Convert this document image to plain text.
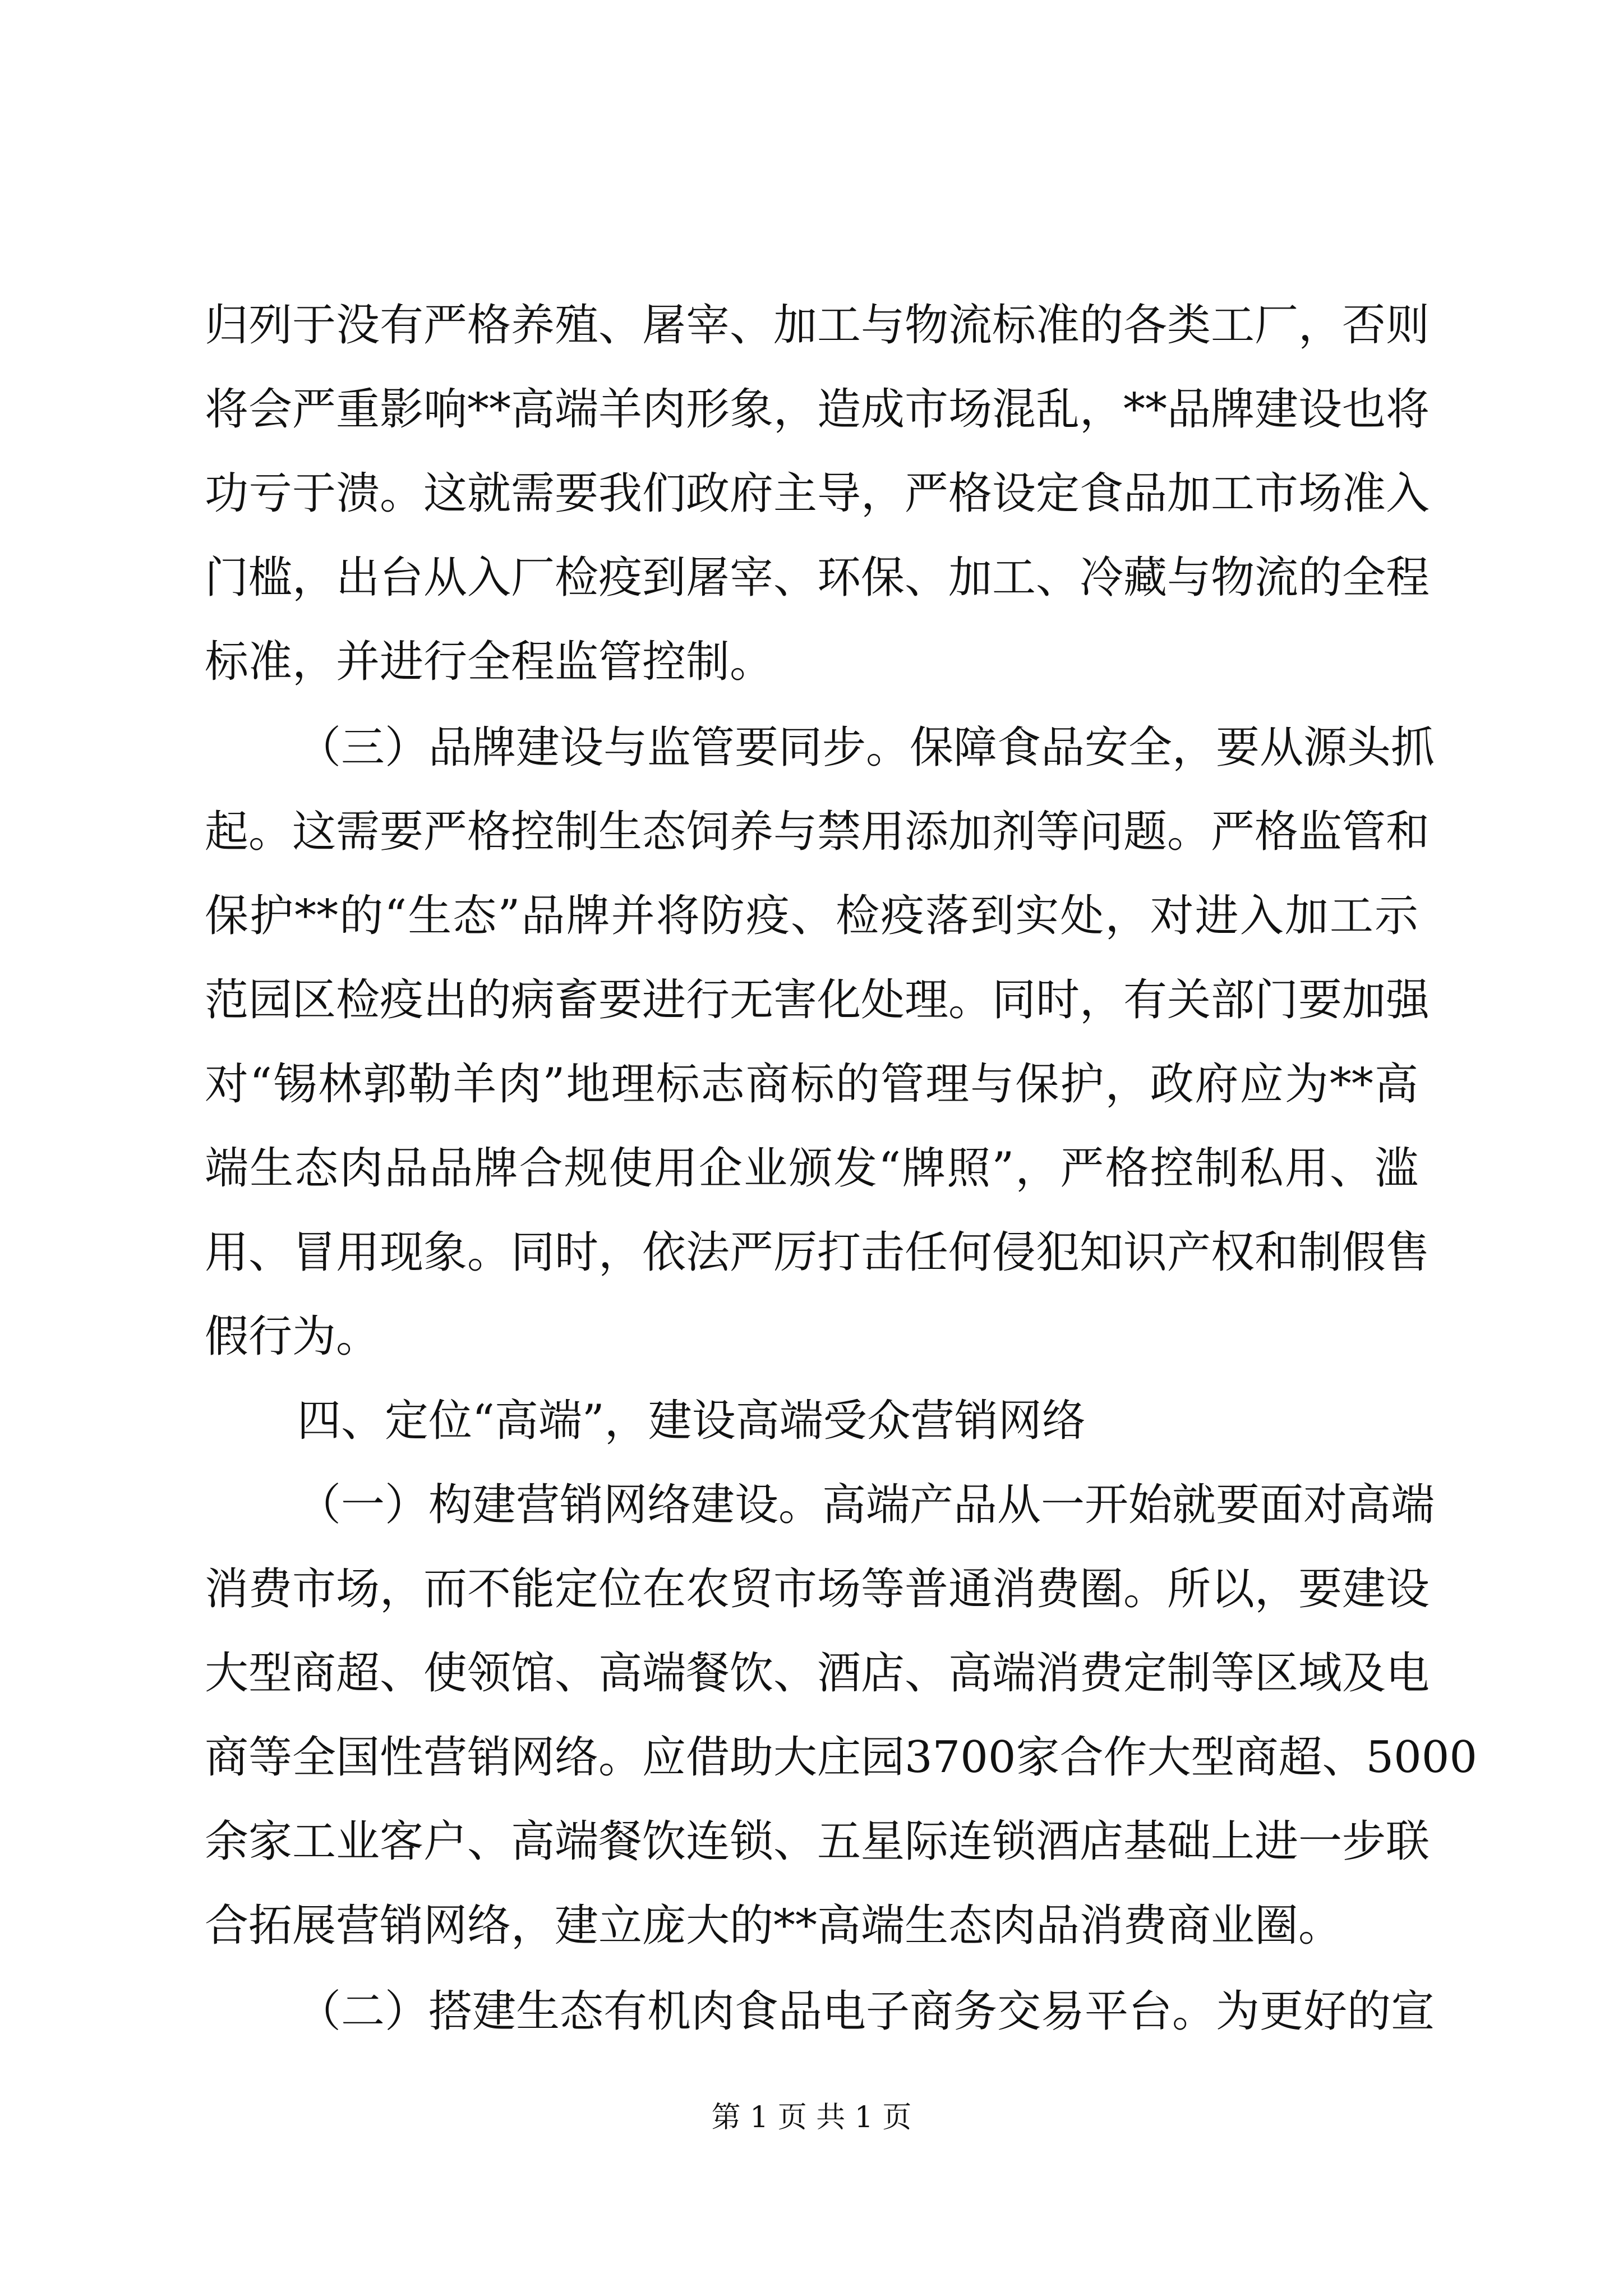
归列于没有严格养殖、屠宰、加工与物流标准的各类工厂，否则
将会严重影响**高端羊肉形象，造成市场混乱，**品牌建设也将
功亏于溃。这就需要我们政府主导，严格设定食品加工市场准入
门槛，出台从入厂检疫到屠宰、环保、加工、冷藏与物流的全程
标准，并进行全程监管控制。
（三）品牌建设与监管要同步。保障食品安全，要从源头抓
起。这需要严格控制生态饲养与禁用添加剂等问题。严格监管和
保护**的“生态”品牌并将防疫、检疫落到实处，对进入加工示
范园区检疫出的病畜要进行无害化处理。同时，有关部门要加强
对“锡林郭勒羊肉”地理标志商标的管理与保护，政府应为**高
端生态肉品品牌合规使用企业颁发“牌照”，严格控制私用、滥
用、冒用现象。同时，依法严厉打击任何侵犯知识产权和制假售
假行为。
四、定位“高端”，建设高端受众营销网络
（一）构建营销网络建设。高端产品从一开始就要面对高端
消费市场，而不能定位在农贸市场等普通消费圈。所以，要建设
大型商超、使领馆、高端餐饮、酒店、高端消费定制等区域及电
商等全国性营销网络。应借助大庄园3700家合作大型商超、5000
余家工业客户、高端餐饮连锁、五星际连锁酒店基础上进一步联
合拓展营销网络，建立庞大的**高端生态肉品消费商业圈。
（二）搭建生态有机肉食品电子商务交易平台。为更好的宣
第 1 页 共 1 页
